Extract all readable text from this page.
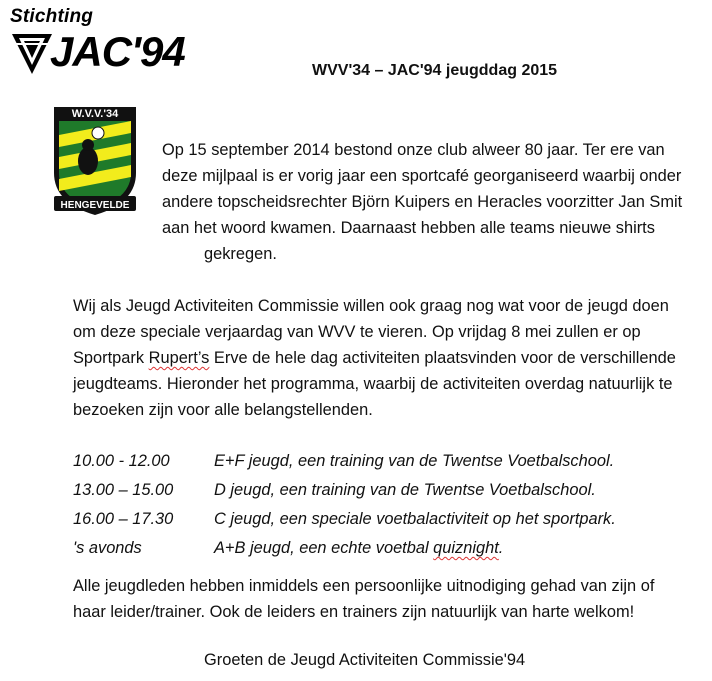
Stichting
JAC'94	WVV'34 – JAC'94 jeugddag 2015
W.V.V.'34
HENGEVELDE
Op 15 september 2014 bestond onze club alweer 80 jaar. Ter ere van
deze mijlpaal is er vorig jaar een sportcafé georganiseerd waarbij onder
andere topscheidsrechter Björn Kuipers en Heracles voorzitter Jan Smit
aan het woord kwamen. Daarnaast hebben alle teams nieuwe shirts
gekregen.
Wij als Jeugd Activiteiten Commissie willen ook graag nog wat voor de jeugd doen
om deze speciale verjaardag van WVV te vieren. Op vrijdag 8 mei zullen er op
Sportpark Rupert’s Erve de hele dag activiteiten plaatsvinden voor de verschillende
jeugdteams. Hieronder het programma, waarbij de activiteiten overdag natuurlijk te
bezoeken zijn voor alle belangstellenden.
10.00 - 12.00	E+F jeugd, een training van de Twentse Voetbalschool.
13.00 – 15.00	D jeugd, een training van de Twentse Voetbalschool.
16.00 – 17.30	C jeugd, een speciale voetbalactiviteit op het sportpark.
's avonds	A+B jeugd, een echte voetbal quiznight.
Alle jeugdleden hebben inmiddels een persoonlijke uitnodiging gehad van zijn of
haar leider/trainer. Ook de leiders en trainers zijn natuurlijk van harte welkom!
Groeten de Jeugd Activiteiten Commissie'94
